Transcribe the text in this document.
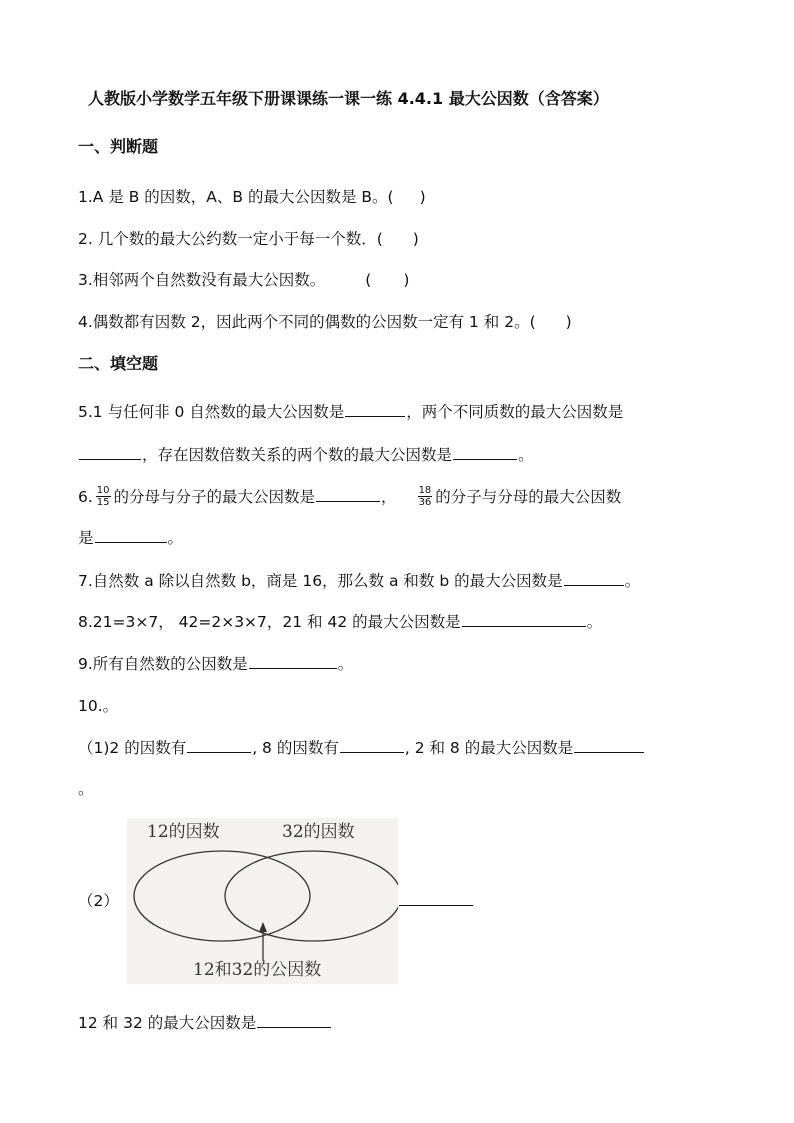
人教版小学数学五年级下册课课练一课一练 4.4.1 最大公因数（含答案）
一、判断题
1.A 是 B 的因数，A、B 的最大公因数是 B。( )
2. 几个数的最大公约数一定小于每一个数．( )
3.相邻两个自然数没有最大公因数。	( )
4.偶数都有因数 2，因此两个不同的偶数的公因数一定有 1 和 2。( )
二、填空题
5.1 与任何非 0 自然数的最大公因数是	，两个不同质数的最大公因数是
，存在因数倍数关系的两个数的最大公因数是	。
6. $\frac{10}{15}$ 的分母与分子的最大公因数是	， $\frac{18}{36}$ 的分子与分母的最大公因数
是	。
7.自然数 a 除以自然数 b，商是 16，那么数 a 和数 b 的最大公因数是	。
8.21=3×7， 42=2×3×7，21 和 42 的最大公因数是	。
9.所有自然数的公因数是	。
10.。
（1)2 的因数有	, 8 的因数有	, 2 和 8 的最大公因数是
。
（2）
12的因数	32的因数
12和32的公因数
12 和 32 的最大公因数是
